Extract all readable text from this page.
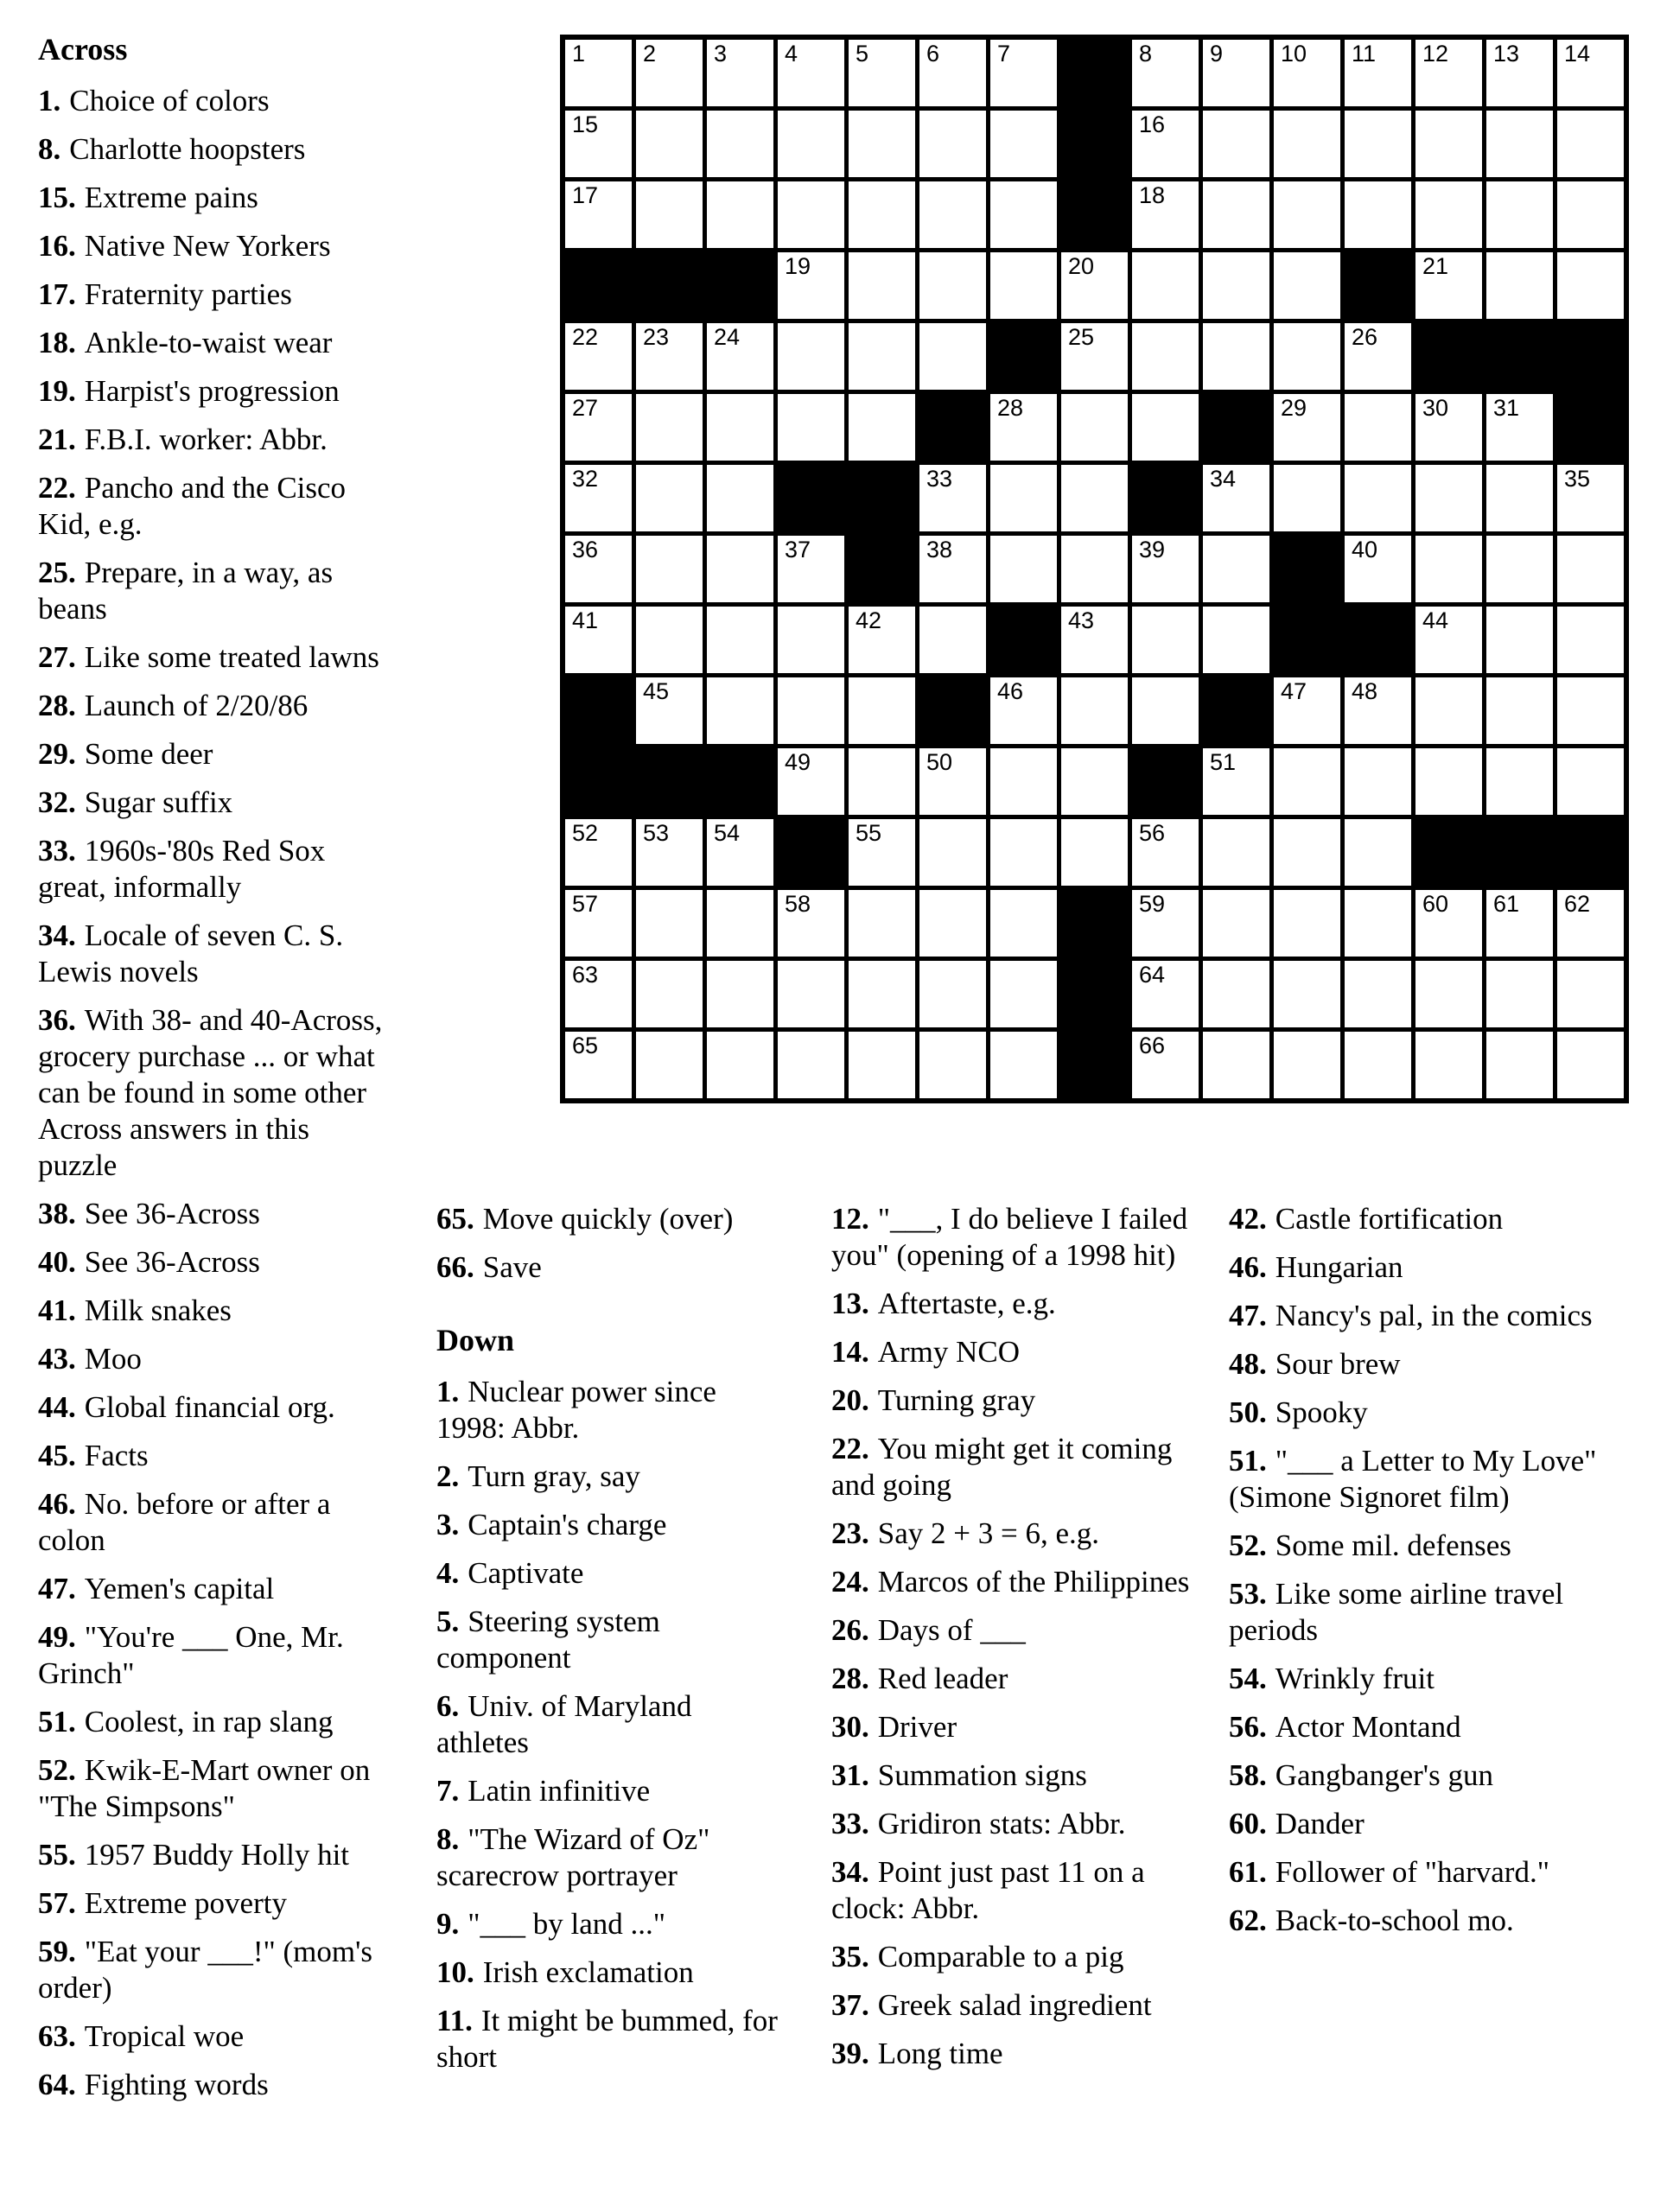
1 2 3 4 5 6 7	8 9 10 11 12 13 14
15	16
17	18
19	20	21
22 23 24	25	26
27	28	29	30 31
32	33	34	35
36	37	38	39	40
41	42	43	44
45	46	47 48
49	50	51
52 53 54	55	56
57	58	59	60 61 62
63	64
65	66
Across
1. Choice of colors
8. Charlotte hoopsters
15. Extreme pains
16. Native New Yorkers
17. Fraternity parties
18. Ankle-to-waist wear
19. Harpist's progression
21. F.B.I. worker: Abbr.
22. Pancho and the Cisco Kid, e.g.
25. Prepare, in a way, as beans
27. Like some treated lawns
28. Launch of 2/20/86
29. Some deer
32. Sugar suffix
33. 1960s-'80s Red Sox great, informally
34. Locale of seven C. S. Lewis novels
36. With 38- and 40-Across, grocery purchase ... or what can be found in some other Across answers in this puzzle
38. See 36-Across
40. See 36-Across
41. Milk snakes
43. Moo
44. Global financial org.
45. Facts
46. No. before or after a colon
47. Yemen's capital
49. "You're ___ One, Mr. Grinch"
51. Coolest, in rap slang
52. Kwik-E-Mart owner on "The Simpsons"
55. 1957 Buddy Holly hit
57. Extreme poverty
59. "Eat your ___!" (mom's order)
63. Tropical woe
64. Fighting words
65. Move quickly (over)
66. Save
Down
1. Nuclear power since 1998: Abbr.
2. Turn gray, say
3. Captain's charge
4. Captivate
5. Steering system component
6. Univ. of Maryland athletes
7. Latin infinitive
8. "The Wizard of Oz" scarecrow portrayer
9. "___ by land ..."
10. Irish exclamation
11. It might be bummed, for short
12. "___, I do believe I failed you" (opening of a 1998 hit)
13. Aftertaste, e.g.
14. Army NCO
20. Turning gray
22. You might get it coming and going
23. Say 2 + 3 = 6, e.g.
24. Marcos of the Philippines
26. Days of ___
28. Red leader
30. Driver
31. Summation signs
33. Gridiron stats: Abbr.
34. Point just past 11 on a clock: Abbr.
35. Comparable to a pig
37. Greek salad ingredient
39. Long time
42. Castle fortification
46. Hungarian
47. Nancy's pal, in the comics
48. Sour brew
50. Spooky
51. "___ a Letter to My Love" (Simone Signoret film)
52. Some mil. defenses
53. Like some airline travel periods
54. Wrinkly fruit
56. Actor Montand
58. Gangbanger's gun
60. Dander
61. Follower of "harvard."
62. Back-to-school mo.
